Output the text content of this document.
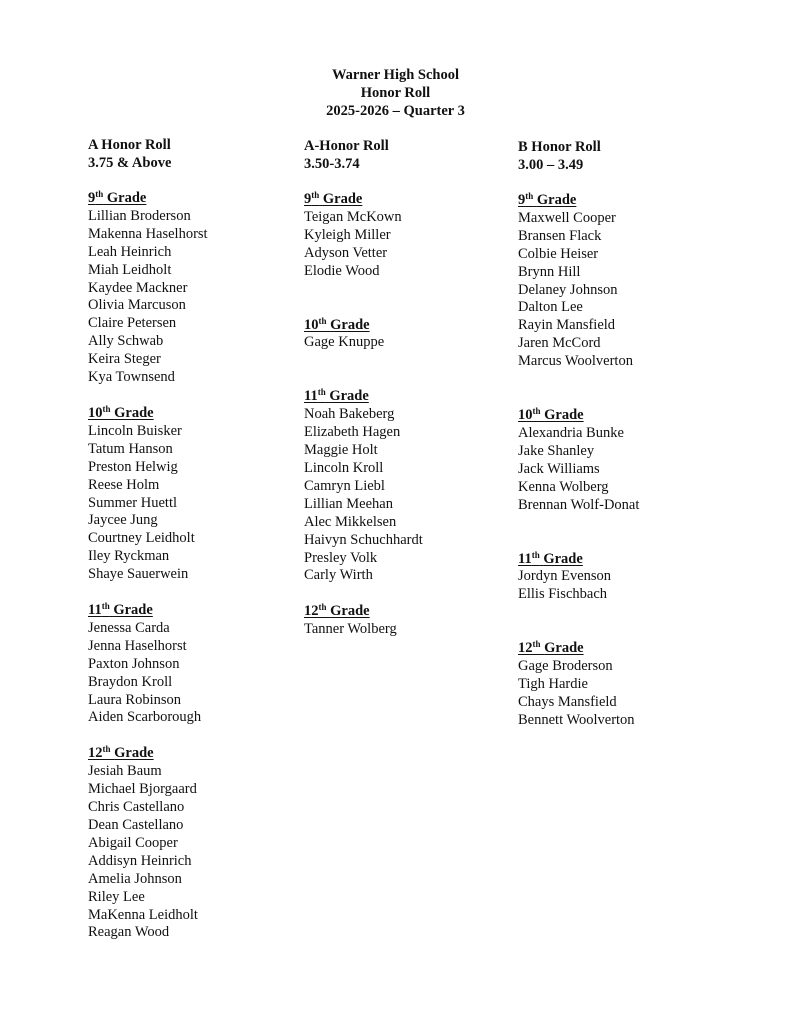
Warner High School
Honor Roll
2025-2026 – Quarter 3
A Honor Roll
3.75 & Above
9th Grade
Lillian Broderson
Makenna Haselhorst
Leah Heinrich
Miah Leidholt
Kaydee Mackner
Olivia Marcuson
Claire Petersen
Ally Schwab
Keira Steger
Kya Townsend
10th Grade
Lincoln Buisker
Tatum Hanson
Preston Helwig
Reese Holm
Summer Huettl
Jaycee Jung
Courtney Leidholt
Iley Ryckman
Shaye Sauerwein
11th Grade
Jenessa Carda
Jenna Haselhorst
Paxton Johnson
Braydon Kroll
Laura Robinson
Aiden Scarborough
12th Grade
Jesiah Baum
Michael Bjorgaard
Chris Castellano
Dean Castellano
Abigail Cooper
Addisyn Heinrich
Amelia Johnson
Riley Lee
MaKenna Leidholt
Reagan Wood
A-Honor Roll
3.50-3.74
9th Grade
Teigan McKown
Kyleigh Miller
Adyson Vetter
Elodie Wood
10th Grade
Gage Knuppe
11th Grade
Noah Bakeberg
Elizabeth Hagen
Maggie Holt
Lincoln Kroll
Camryn Liebl
Lillian Meehan
Alec Mikkelsen
Haivyn Schuchhardt
Presley Volk
Carly Wirth
12th Grade
Tanner Wolberg
B Honor Roll
3.00 – 3.49
9th Grade
Maxwell Cooper
Bransen Flack
Colbie Heiser
Brynn Hill
Delaney Johnson
Dalton Lee
Rayin Mansfield
Jaren McCord
Marcus Woolverton
10th Grade
Alexandria Bunke
Jake Shanley
Jack Williams
Kenna Wolberg
Brennan Wolf-Donat
11th Grade
Jordyn Evenson
Ellis Fischbach
12th Grade
Gage Broderson
Tigh Hardie
Chays Mansfield
Bennett Woolverton
